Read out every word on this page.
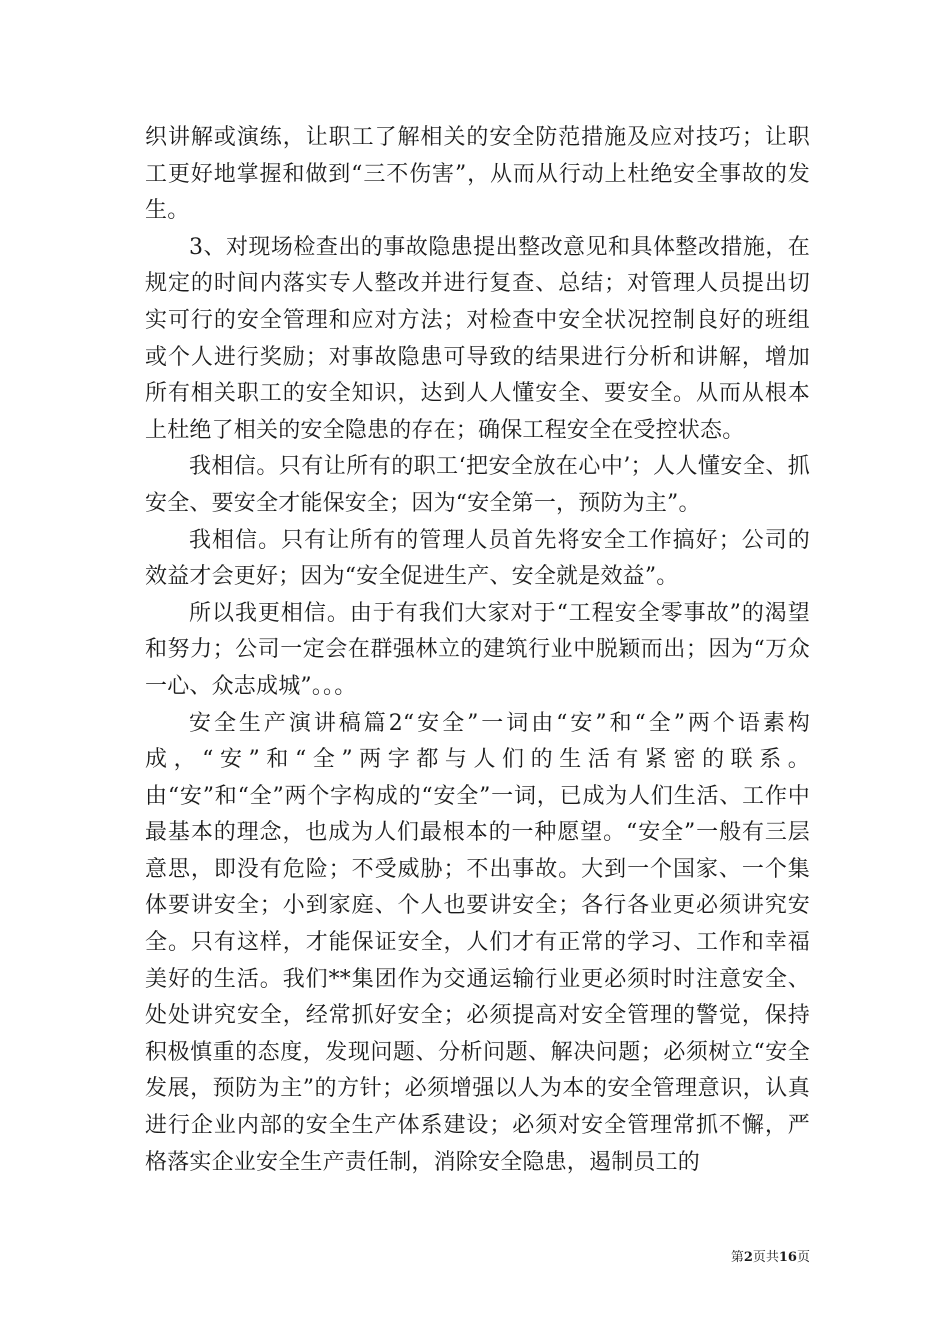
织讲解或演练，让职工了解相关的安全防范措施及应对技巧；让职工更好地掌握和做到“三不伤害”，从而从行动上杜绝安全事故的发生。

3、对现场检查出的事故隐患提出整改意见和具体整改措施，在规定的时间内落实专人整改并进行复查、总结；对管理人员提出切实可行的安全管理和应对方法；对检查中安全状况控制良好的班组或个人进行奖励；对事故隐患可导致的结果进行分析和讲解，增加所有相关职工的安全知识，达到人人懂安全、要安全。从而从根本上杜绝了相关的安全隐患的存在；确保工程安全在受控状态。

我相信。只有让所有的职工‘把安全放在心中’；人人懂安全、抓安全、要安全才能保安全；因为“安全第一，预防为主”。

我相信。只有让所有的管理人员首先将安全工作搞好；公司的效益才会更好；因为“安全促进生产、安全就是效益”。

所以我更相信。由于有我们大家对于“工程安全零事故”的渴望和努力；公司一定会在群强林立的建筑行业中脱颖而出；因为“万众一心、众志成城”。。。

安全生产演讲稿篇2“安全”一词由“安”和“全”两个语素构成，“安”和“全”两字都与人们的生活有紧密的联系。由“安”和“全”两个字构成的“安全”一词，已成为人们生活、工作中最基本的理念，也成为人们最根本的一种愿望。“安全”一般有三层意思，即没有危险；不受威胁；不出事故。大到一个国家、一个集体要讲安全；小到家庭、个人也要讲安全；各行各业更必须讲究安全。只有这样，才能保证安全，人们才有正常的学习、工作和幸福美好的生活。我们**集团作为交通运输行业更必须时时注意安全、处处讲究安全，经常抓好安全；必须提高对安全管理的警觉，保持积极慎重的态度，发现问题、分析问题、解决问题；必须树立“安全发展，预防为主”的方针；必须增强以人为本的安全管理意识，认真进行企业内部的安全生产体系建设；必须对安全管理常抓不懈，严格落实企业安全生产责任制，消除安全隐患，遏制员工的

第2页共16页
